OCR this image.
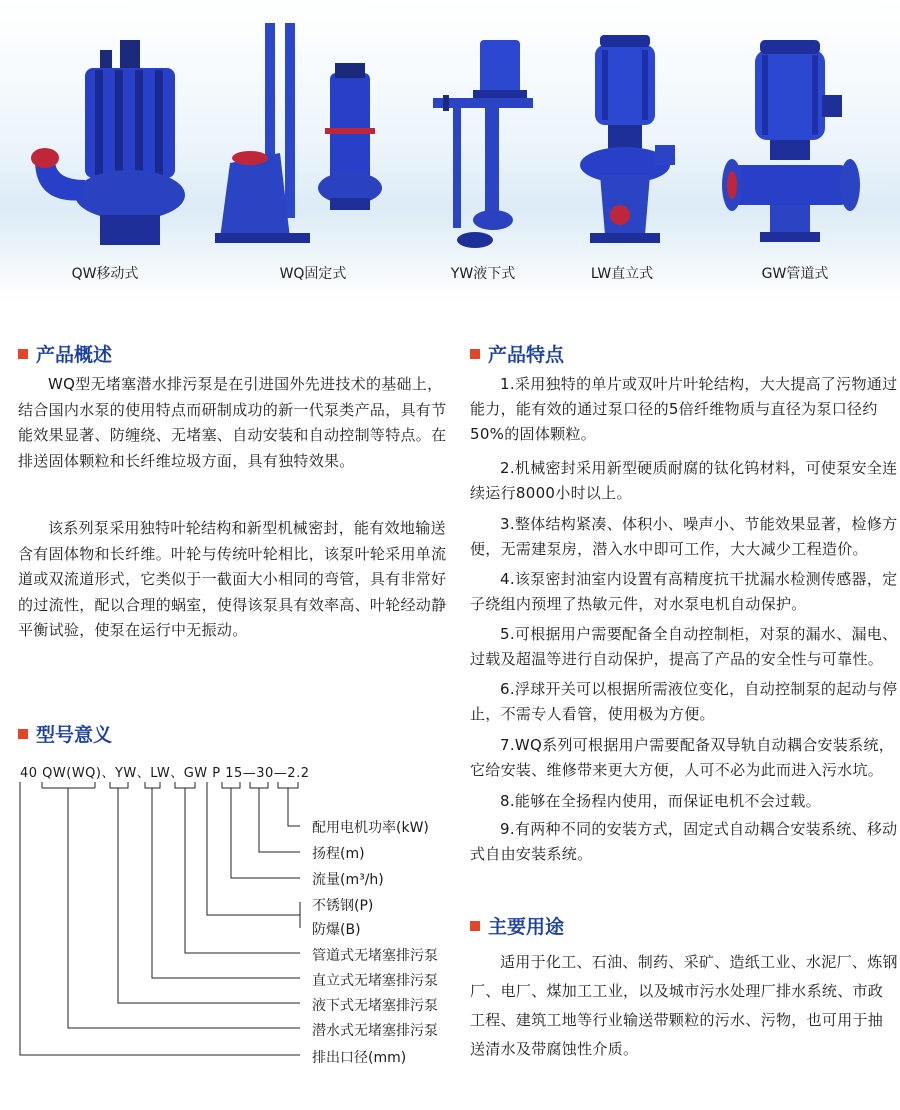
QW移动式	WQ固定式	YW液下式	LW直立式	GW管道式
产品概述
WQ型无堵塞潜水排污泵是在引进国外先进技术的基础上，结合国内水泵的使用特点而研制成功的新一代泵类产品，具有节能效果显著、防缠绕、无堵塞、自动安装和自动控制等特点。在排送固体颗粒和长纤维垃圾方面，具有独特效果。
该系列泵采用独特叶轮结构和新型机械密封，能有效地输送含有固体物和长纤维。叶轮与传统叶轮相比，该泵叶轮采用单流道或双流道形式，它类似于一截面大小相同的弯管，具有非常好的过流性，配以合理的蜗室，使得该泵具有效率高、叶轮经动静平衡试验，使泵在运行中无振动。
型号意义
40 QW(WQ)、YW、LW、GW P 15—30—2.2
配用电机功率(kW)
扬程(m)
流量(m³/h)
不锈钢(P)
防爆(B)
管道式无堵塞排污泵
直立式无堵塞排污泵
液下式无堵塞排污泵
潜水式无堵塞排污泵
排出口径(mm)
产品特点
1.采用独特的单片或双叶片叶轮结构，大大提高了污物通过能力，能有效的通过泵口径的5倍纤维物质与直径为泵口径约50%的固体颗粒。
2.机械密封采用新型硬质耐腐的钛化钨材料，可使泵安全连续运行8000小时以上。
3.整体结构紧凑、体积小、噪声小、节能效果显著，检修方便，无需建泵房，潜入水中即可工作，大大减少工程造价。
4.该泵密封油室内设置有高精度抗干扰漏水检测传感器，定子绕组内预埋了热敏元件，对水泵电机自动保护。
5.可根据用户需要配备全自动控制柜，对泵的漏水、漏电、过载及超温等进行自动保护，提高了产品的安全性与可靠性。
6.浮球开关可以根据所需液位变化，自动控制泵的起动与停止，不需专人看管，使用极为方便。
7.WQ系列可根据用户需要配备双导轨自动耦合安装系统，它给安装、维修带来更大方便，人可不必为此而进入污水坑。
8.能够在全扬程内使用，而保证电机不会过载。
9.有两种不同的安装方式，固定式自动耦合安装系统、移动式自由安装系统。
主要用途
适用于化工、石油、制药、采矿、造纸工业、水泥厂、炼钢厂、电厂、煤加工工业，以及城市污水处理厂排水系统、市政工程、建筑工地等行业输送带颗粒的污水、污物，也可用于抽送清水及带腐蚀性介质。
